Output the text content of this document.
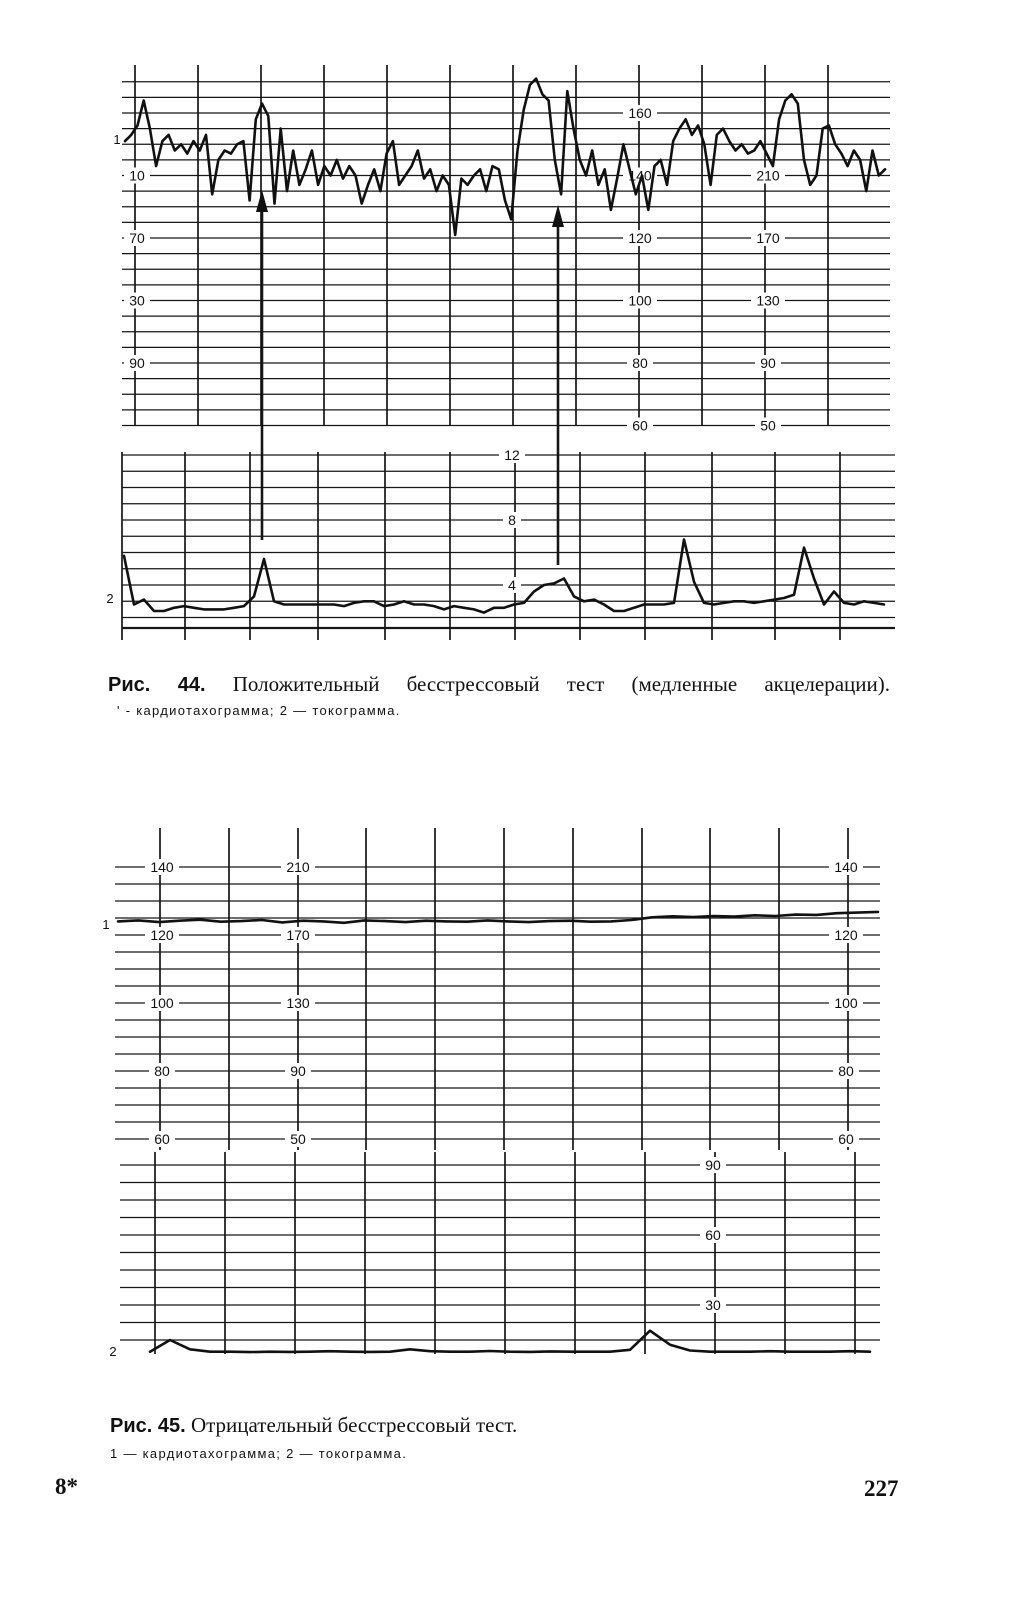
160
140
120
100
80
60
210
170
130
90
50
10
70
30
90
1
12
8
4
2
140
120
100
80
60
210
170
130
90
50
140
120
100
80
60
1
90
60
30
2
Рис. 44. Положительный бесстрессовый тест (медленные акцелерации).
' - кардиотахограмма; 2 — токограмма.
Рис. 45. Отрицательный бесстрессовый тест.
1 — кардиотахограмма; 2 — токограмма.
8*	227
